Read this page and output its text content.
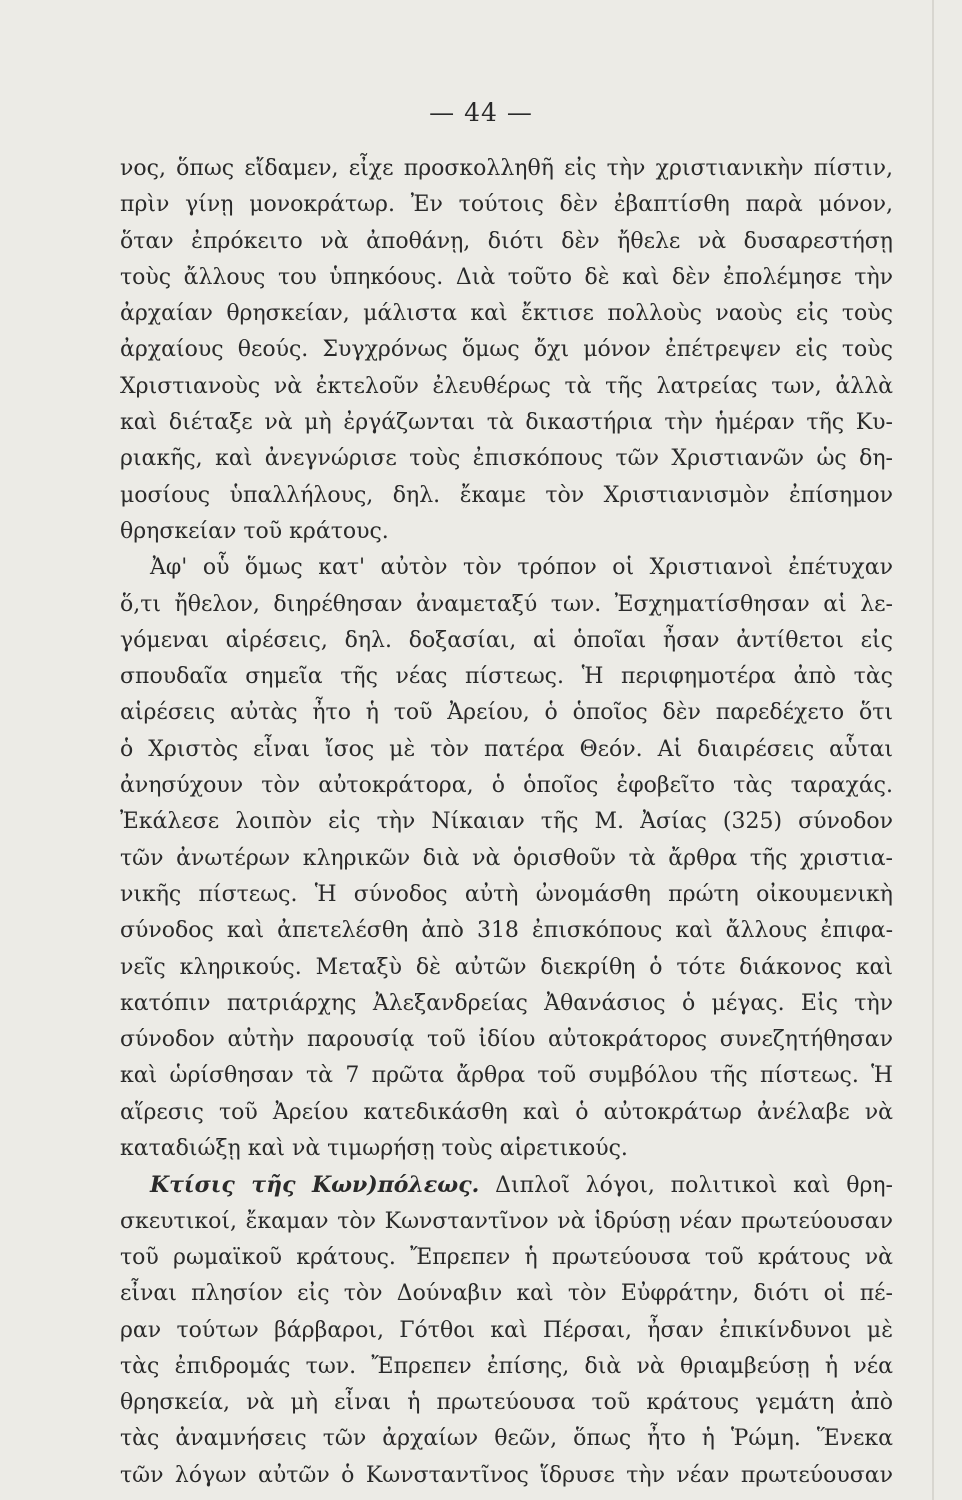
— 44 —
νος, ὅπως εἴδαμεν, εἶχε προσκολληθῆ εἰς τὴν χριστιανικὴν πίστιν,
πρὶν γίνῃ μονοκράτωρ. Ἐν τούτοις δὲν ἐβαπτίσθη παρὰ μόνον,
ὅταν ἐπρόκειτο νὰ ἀποθάνῃ, διότι δὲν ἤθελε νὰ δυσαρεστήσῃ
τοὺς ἄλλους του ὑπηκόους. Διὰ τοῦτο δὲ καὶ δὲν ἐπολέμησε τὴν
ἀρχαίαν θρησκείαν, μάλιστα καὶ ἔκτισε πολλοὺς ναοὺς εἰς τοὺς
ἀρχαίους θεούς. Συγχρόνως ὅμως ὄχι μόνον ἐπέτρεψεν εἰς τοὺς
Χριστιανοὺς νὰ ἐκτελοῦν ἐλευθέρως τὰ τῆς λατρείας των, ἀλλὰ
καὶ διέταξε νὰ μὴ ἐργάζωνται τὰ δικαστήρια τὴν ἡμέραν τῆς Κυ-
ριακῆς, καὶ ἀνεγνώρισε τοὺς ἐπισκόπους τῶν Χριστιανῶν ὡς δη-
μοσίους ὑπαλλήλους, δηλ. ἔκαμε τὸν Χριστιανισμὸν ἐπίσημον
θρησκείαν τοῦ κράτους.
Ἀφ' οὗ ὅμως κατ' αὐτὸν τὸν τρόπον οἱ Χριστιανοὶ ἐπέτυχαν
ὅ,τι ἤθελον, διηρέθησαν ἀναμεταξύ των. Ἐσχηματίσθησαν αἱ λε-
γόμεναι αἱρέσεις, δηλ. δοξασίαι, αἱ ὁποῖαι ἦσαν ἀντίθετοι εἰς
σπουδαῖα σημεῖα τῆς νέας πίστεως. Ἡ περιφημοτέρα ἀπὸ τὰς
αἱρέσεις αὐτὰς ἦτο ἡ τοῦ Ἀρείου, ὁ ὁποῖος δὲν παρεδέχετο ὅτι
ὁ Χριστὸς εἶναι ἴσος μὲ τὸν πατέρα Θεόν. Αἱ διαιρέσεις αὗται
ἀνησύχουν τὸν αὐτοκράτορα, ὁ ὁποῖος ἐφοβεῖτο τὰς ταραχάς.
Ἐκάλεσε λοιπὸν εἰς τὴν Νίκαιαν τῆς Μ. Ἀσίας (325) σύνοδον
τῶν ἀνωτέρων κληρικῶν διὰ νὰ ὁρισθοῦν τὰ ἄρθρα τῆς χριστια-
νικῆς πίστεως. Ἡ σύνοδος αὐτὴ ὠνομάσθη πρώτη οἰκουμενικὴ
σύνοδος καὶ ἀπετελέσθη ἀπὸ 318 ἐπισκόπους καὶ ἄλλους ἐπιφα-
νεῖς κληρικούς. Μεταξὺ δὲ αὐτῶν διεκρίθη ὁ τότε διάκονος καὶ
κατόπιν πατριάρχης Ἀλεξανδρείας Ἀθανάσιος ὁ μέγας. Εἰς τὴν
σύνοδον αὐτὴν παρουσίᾳ τοῦ ἰδίου αὐτοκράτορος συνεζητήθησαν
καὶ ὡρίσθησαν τὰ 7 πρῶτα ἄρθρα τοῦ συμβόλου τῆς πίστεως. Ἡ
αἵρεσις τοῦ Ἀρείου κατεδικάσθη καὶ ὁ αὐτοκράτωρ ἀνέλαβε νὰ
καταδιώξῃ καὶ νὰ τιμωρήσῃ τοὺς αἱρετικούς.
Κτίσις τῆς Κων)πόλεως. Διπλοῖ λόγοι, πολιτικοὶ καὶ θρη-
σκευτικοί, ἔκαμαν τὸν Κωνσταντῖνον νὰ ἱδρύσῃ νέαν πρωτεύουσαν
τοῦ ρωμαϊκοῦ κράτους. Ἔπρεπεν ἡ πρωτεύουσα τοῦ κράτους νὰ
εἶναι πλησίον εἰς τὸν Δούναβιν καὶ τὸν Εὐφράτην, διότι οἱ πέ-
ραν τούτων βάρβαροι, Γότθοι καὶ Πέρσαι, ἦσαν ἐπικίνδυνοι μὲ
τὰς ἐπιδρομάς των. Ἔπρεπεν ἐπίσης, διὰ νὰ θριαμβεύσῃ ἡ νέα
θρησκεία, νὰ μὴ εἶναι ἡ πρωτεύουσα τοῦ κράτους γεμάτη ἀπὸ
τὰς ἀναμνήσεις τῶν ἀρχαίων θεῶν, ὅπως ἦτο ἡ Ῥώμη. Ἕνεκα
τῶν λόγων αὐτῶν ὁ Κωνσταντῖνος ἵδρυσε τὴν νέαν πρωτεύουσαν
